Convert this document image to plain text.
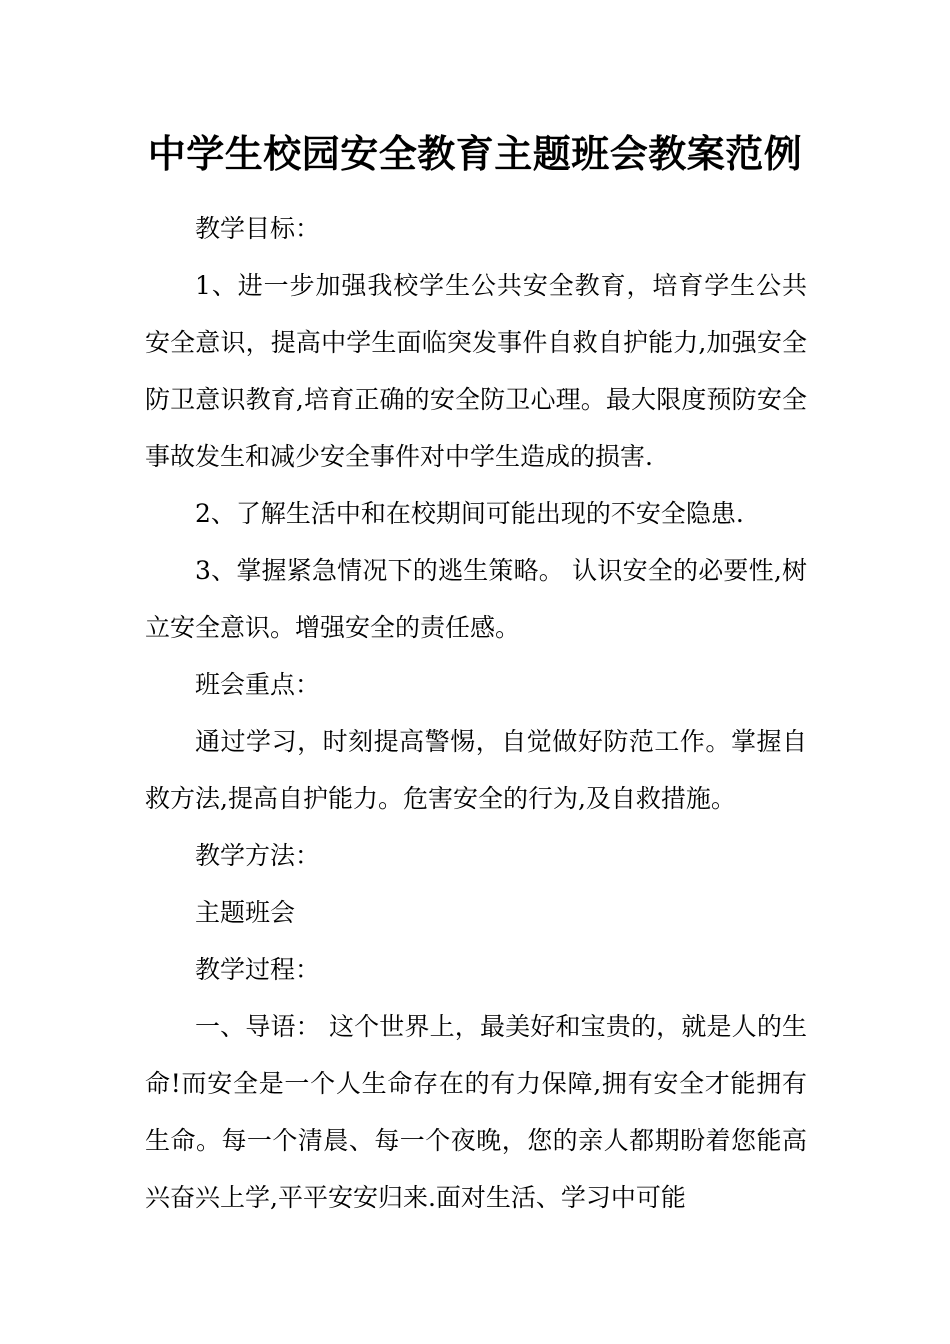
中学生校园安全教育主题班会教案范例

教学目标：

1、进一步加强我校学生公共安全教育，培育学生公共安全意识，提高中学生面临突发事件自救自护能力,加强安全防卫意识教育,培育正确的安全防卫心理。最大限度预防安全事故发生和减少安全事件对中学生造成的损害.

2、了解生活中和在校期间可能出现的不安全隐患.

3、掌握紧急情况下的逃生策略。 认识安全的必要性,树立安全意识。增强安全的责任感。

班会重点：

通过学习，时刻提高警惕，自觉做好防范工作。掌握自救方法,提高自护能力。危害安全的行为,及自救措施。

教学方法：

主题班会

教学过程：

一、导语： 这个世界上，最美好和宝贵的，就是人的生命!而安全是一个人生命存在的有力保障,拥有安全才能拥有生命。每一个清晨、每一个夜晚，您的亲人都期盼着您能高兴奋兴上学,平平安安归来.面对生活、学习中可能
